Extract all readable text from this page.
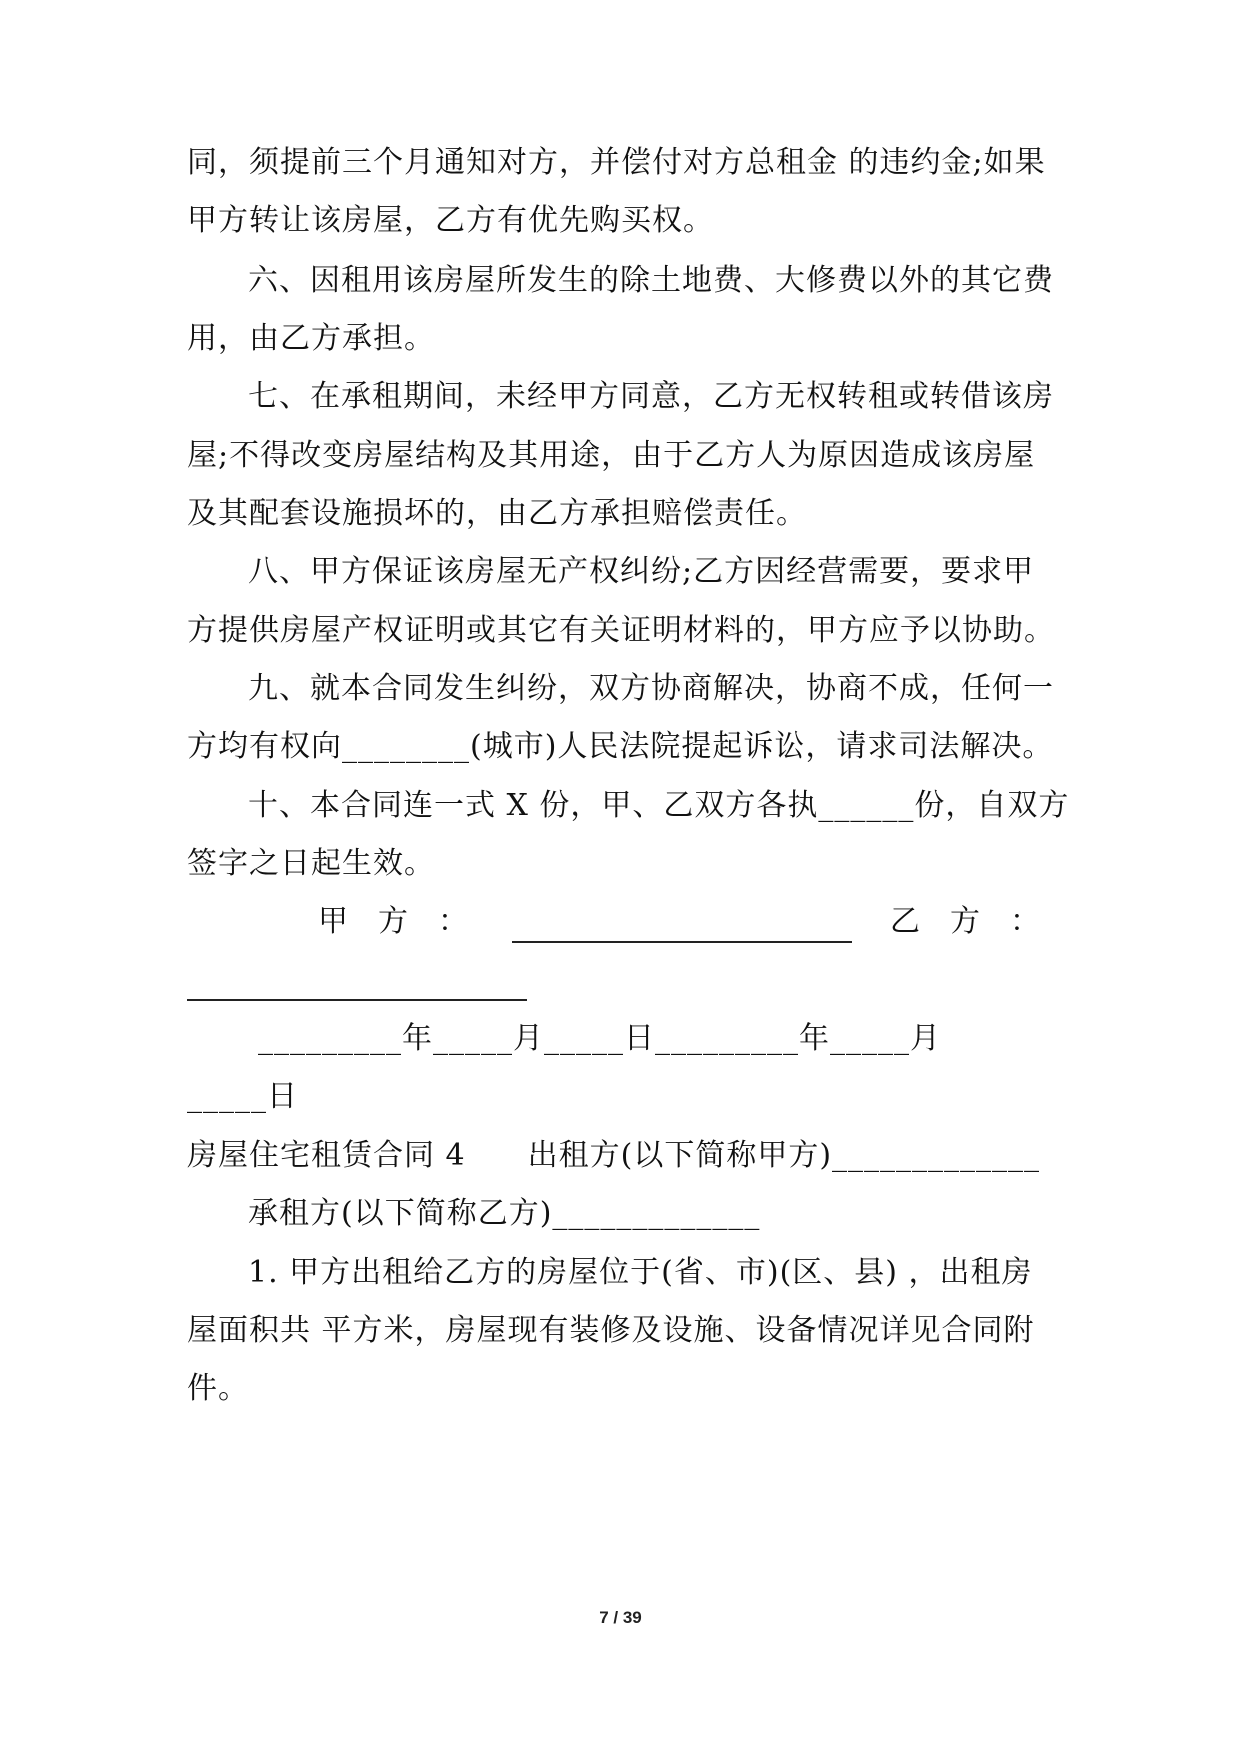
同，须提前三个月通知对方，并偿付对方总租金 的违约金;如果
甲方转让该房屋，乙方有优先购买权。
六、因租用该房屋所发生的除土地费、大修费以外的其它费
用，由乙方承担。
七、在承租期间，未经甲方同意，乙方无权转租或转借该房
屋;不得改变房屋结构及其用途，由于乙方人为原因造成该房屋
及其配套设施损坏的，由乙方承担赔偿责任。
八、甲方保证该房屋无产权纠纷;乙方因经营需要，要求甲
方提供房屋产权证明或其它有关证明材料的，甲方应予以协助。
九、就本合同发生纠纷，双方协商解决，协商不成，任何一
方均有权向________(城市)人民法院提起诉讼，请求司法解决。
十、本合同连一式 X 份，甲、乙双方各执______份，自双方
签字之日起生效。
甲　方　：	乙　方　：
_________年_____月_____日_________年_____月
_____日
房屋住宅租赁合同 4　　出租方(以下简称甲方)_____________
承租方(以下简称乙方)_____________
1. 甲方出租给乙方的房屋位于(省、市)(区、县) ，出租房
屋面积共 平方米，房屋现有装修及设施、设备情况详见合同附
件。
7 / 39
